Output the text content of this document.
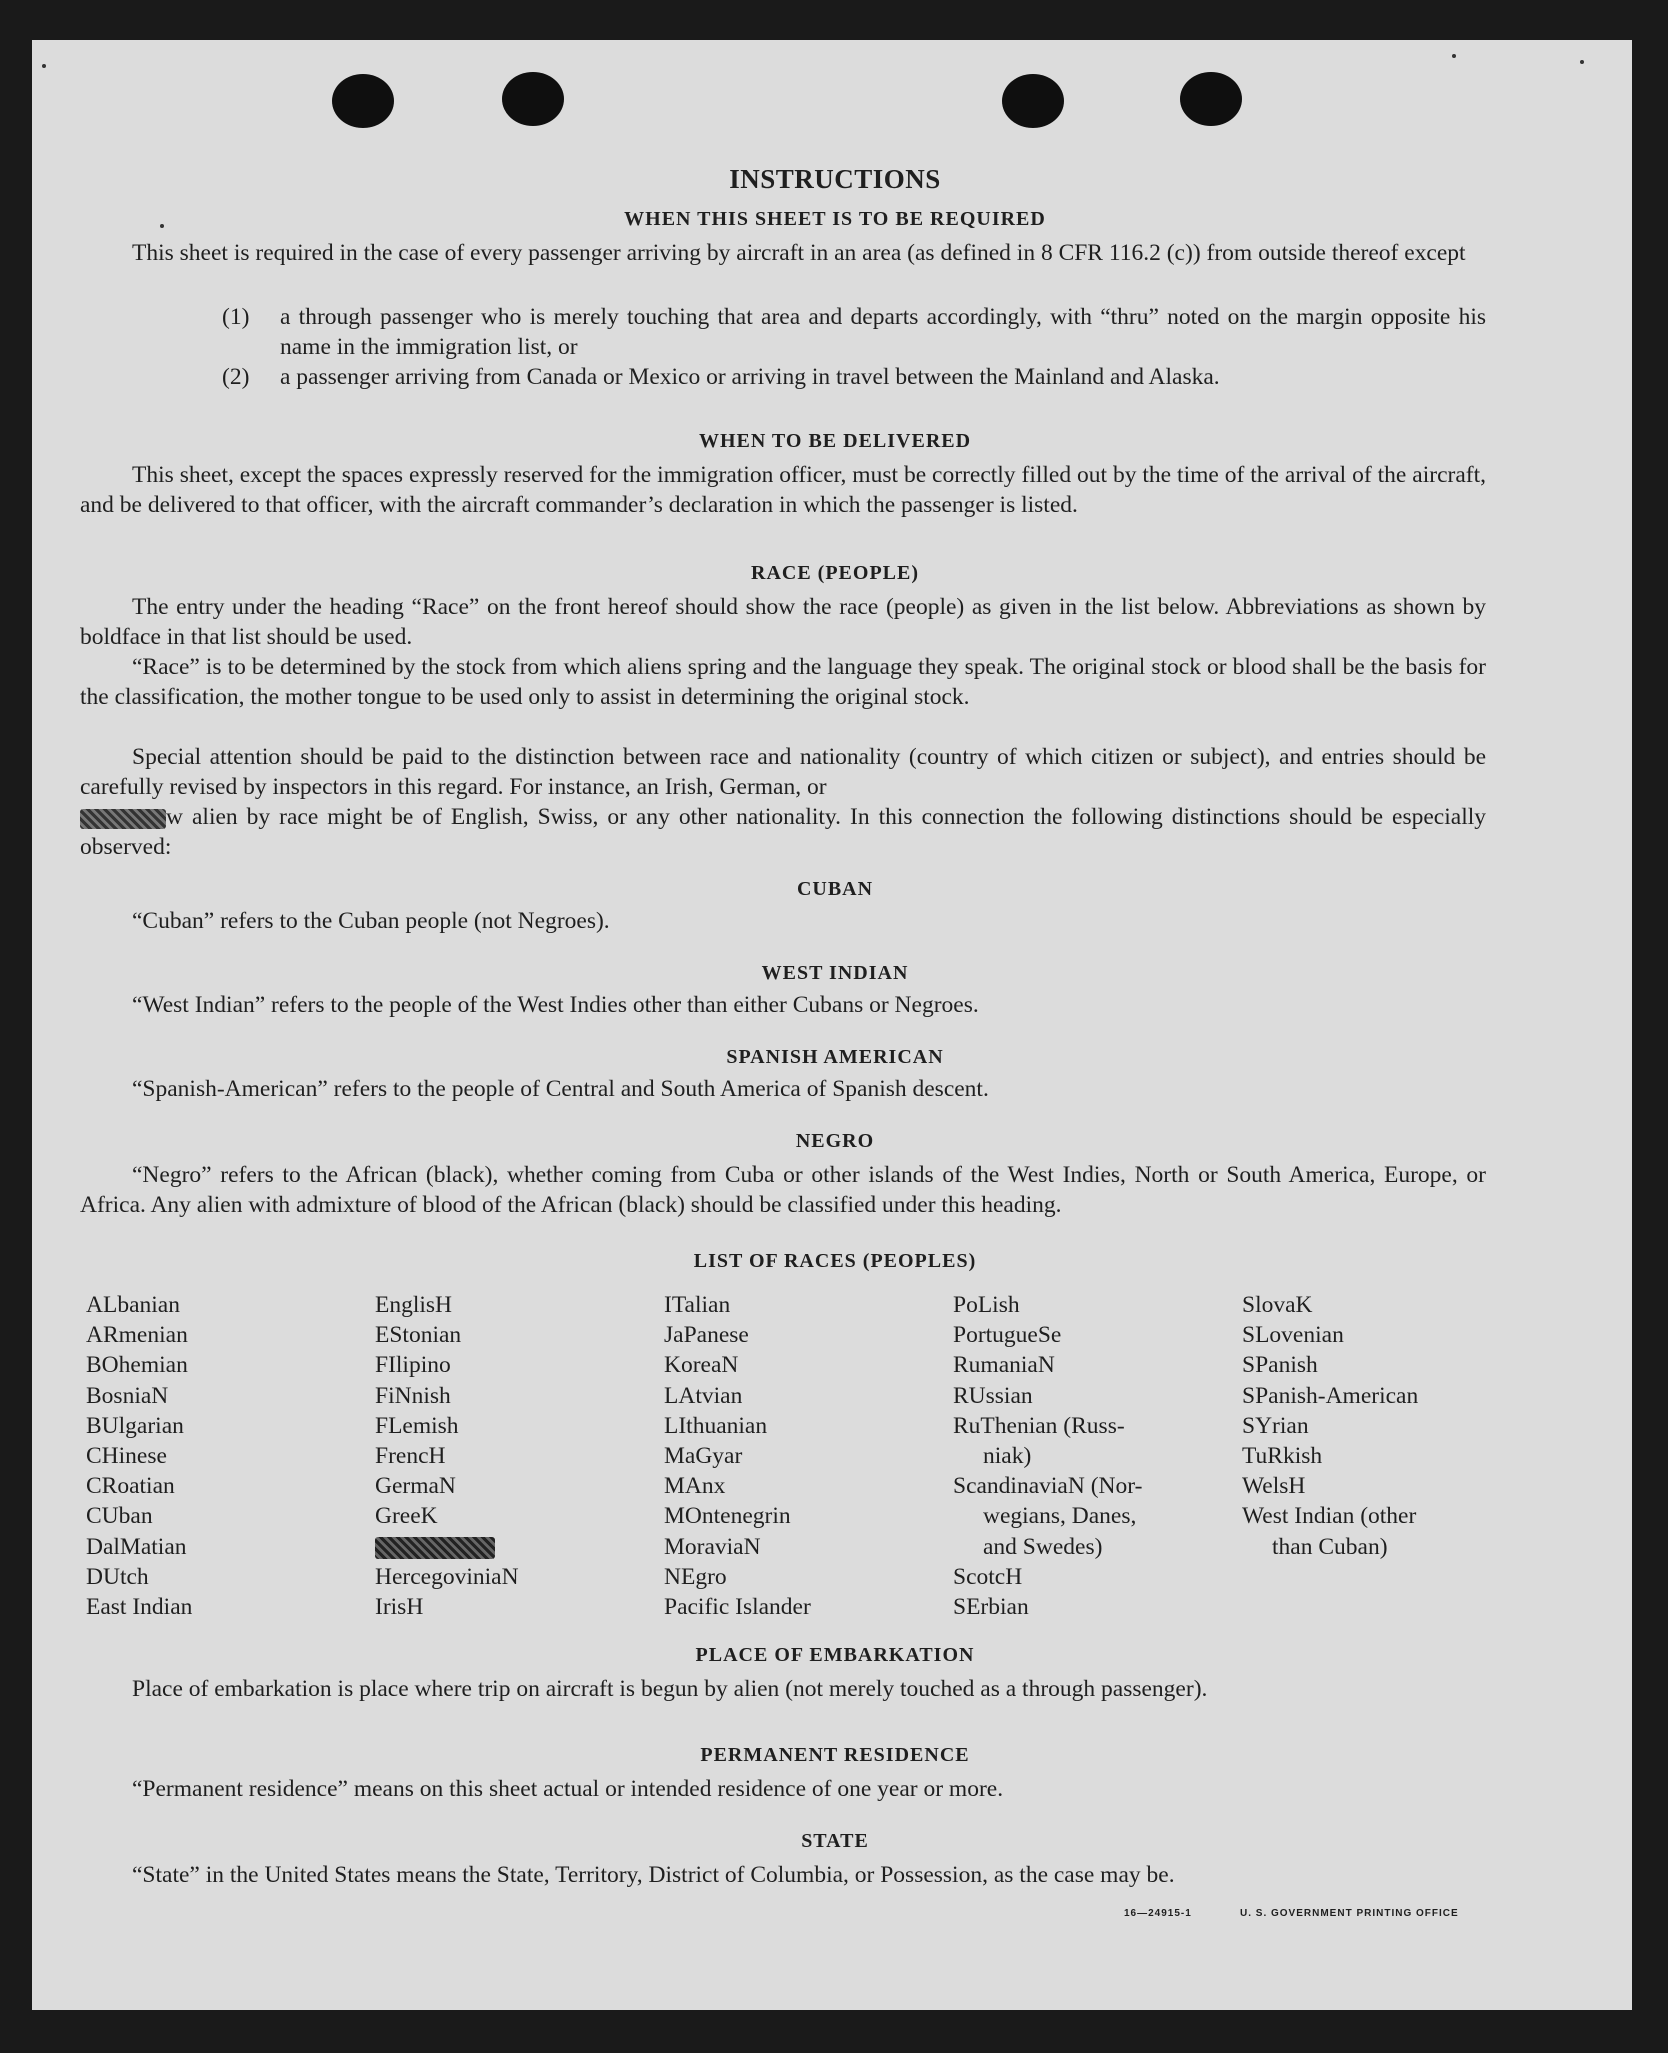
INSTRUCTIONS
WHEN THIS SHEET IS TO BE REQUIRED

This sheet is required in the case of every passenger arriving by aircraft in an area (as defined in 8 CFR 116.2 (c)) from outside thereof except

(1) a through passenger who is merely touching that area and departs accordingly, with “thru” noted on the margin opposite his name in the immigration list, or
(2) a passenger arriving from Canada or Mexico or arriving in travel between the Mainland and Alaska.
WHEN TO BE DELIVERED

This sheet, except the spaces expressly reserved for the immigration officer, must be correctly filled out by the time of the arrival of the aircraft, and be delivered to that officer, with the aircraft commander’s declaration in which the passenger is listed.

RACE (PEOPLE)

The entry under the heading “Race” on the front hereof should show the race (people) as given in the list below. Abbreviations as shown by boldface in that list should be used.

“Race” is to be determined by the stock from which aliens spring and the language they speak. The original stock or blood shall be the basis for the classification, the mother tongue to be used only to assist in determining the original stock.

Special attention should be paid to the distinction between race and nationality (country of which citizen or subject), and entries should be carefully revised by inspectors in this regard. For instance, an Irish, German, or

w alien by race might be of English, Swiss, or any other nationality. In this connection the following distinctions should be especially observed:

CUBAN

“Cuban” refers to the Cuban people (not Negroes).

WEST INDIAN

“West Indian” refers to the people of the West Indies other than either Cubans or Negroes.

SPANISH AMERICAN

“Spanish-American” refers to the people of Central and South America of Spanish descent.

NEGRO

“Negro” refers to the African (black), whether coming from Cuba or other islands of the West Indies, North or South America, Europe, or Africa. Any alien with admixture of blood of the African (black) should be classified under this heading.

LIST OF RACES (PEOPLES)
ALbanian
ARmenian
BOhemian
BosniaN
BUlgarian
CHinese
CRoatian
CUban
DalMatian
DUtch
East Indian
EnglisH
EStonian
FIlipino
FiNnish
FLemish
FrencH
GermaN
GreeK
HercegoviniaN
IrisH
ITalian
JaPanese
KoreaN
LAtvian
LIthuanian
MaGyar
MAnx
MOntenegrin
MoraviaN
NEgro
Pacific Islander
PoLish
PortugueSe
RumaniaN
RUssian
RuThenian (Russ-
niak)
ScandinaviaN (Nor-
wegians, Danes,
and Swedes)
ScotcH
SErbian
SlovaK
SLovenian
SPanish
SPanish-American
SYrian
TuRkish
WelsH
West Indian (other
than Cuban)
PLACE OF EMBARKATION

Place of embarkation is place where trip on aircraft is begun by alien (not merely touched as a through passenger).

PERMANENT RESIDENCE

“Permanent residence” means on this sheet actual or intended residence of one year or more.

STATE

“State” in the United States means the State, Territory, District of Columbia, or Possession, as the case may be.

16—24915-1	U. S. GOVERNMENT PRINTING OFFICE
